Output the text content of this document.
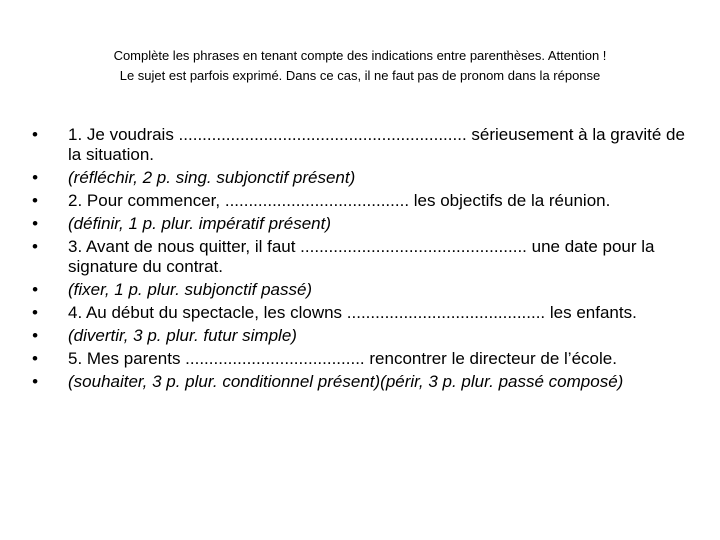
Complète les phrases en tenant compte des indications entre parenthèses. Attention !

Le sujet est parfois exprimé. Dans ce cas, il ne faut pas de pronom dans la réponse

• 1. Je voudrais ............................................................. sérieusement à la gravité de la situation.
• (réfléchir, 2 p. sing. subjonctif présent)
• 2. Pour commencer, ....................................... les objectifs de la réunion.
• (définir, 1 p. plur. impératif présent)
• 3. Avant de nous quitter, il faut ................................................ une date pour la signature du contrat.
• (fixer, 1 p. plur. subjonctif passé)
• 4. Au début du spectacle, les clowns .......................................... les enfants.
• (divertir, 3 p. plur. futur simple)
• 5. Mes parents ...................................... rencontrer le directeur de l’école.
• (souhaiter, 3 p. plur. conditionnel présent)(périr, 3 p. plur. passé composé)
